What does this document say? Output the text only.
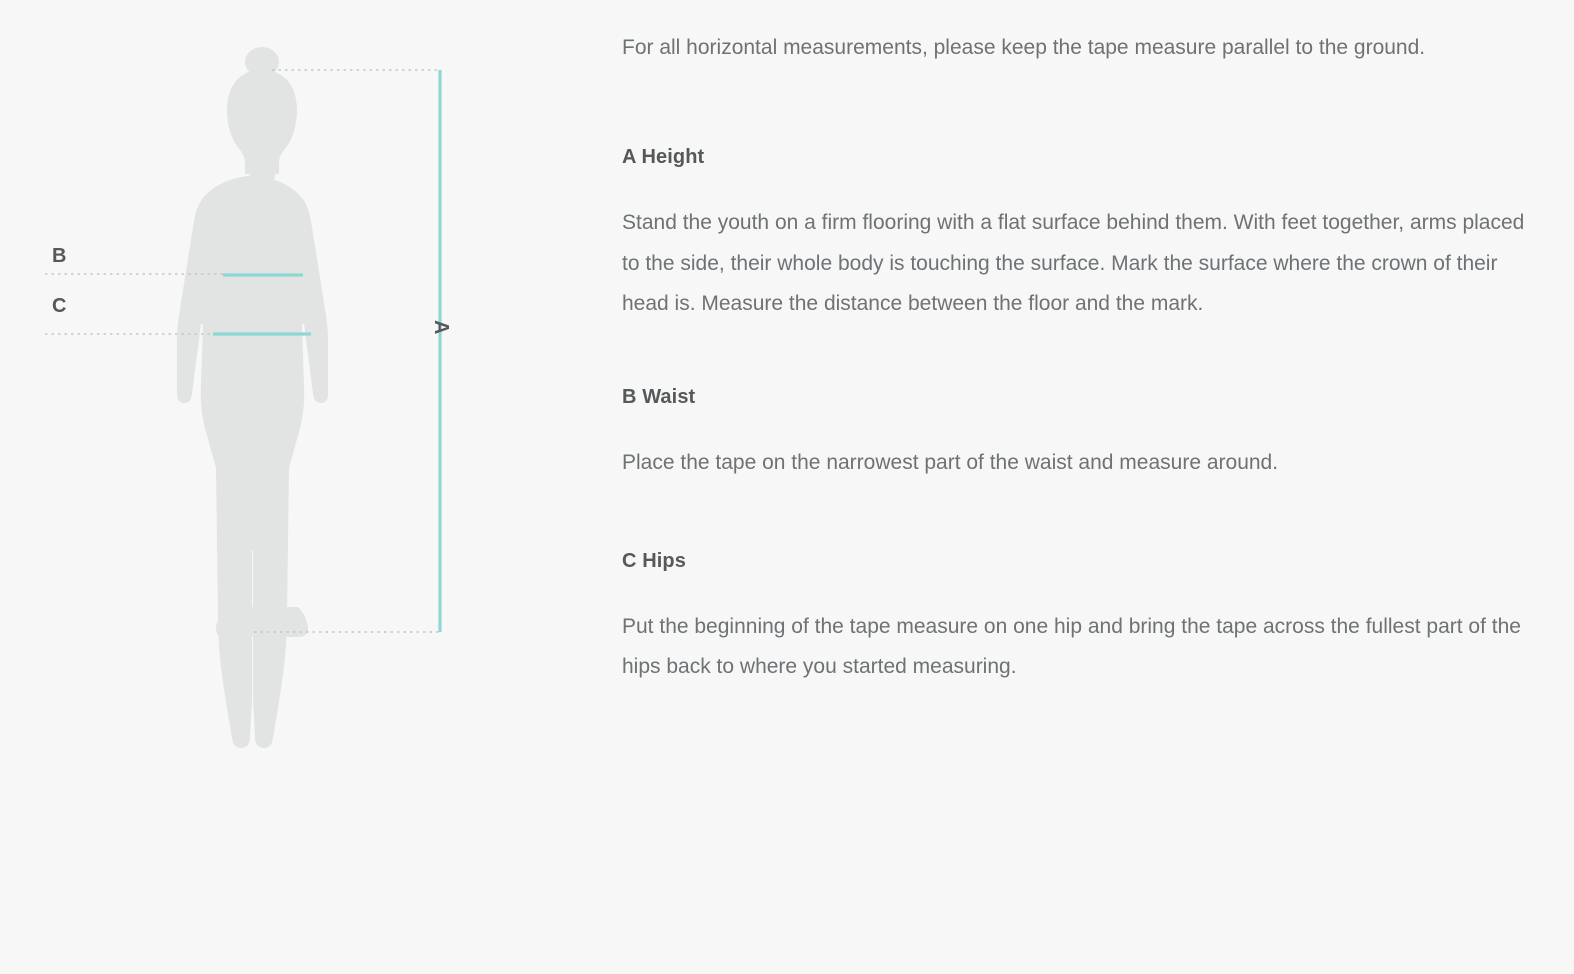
B
C
A

For all horizontal measurements, please keep the tape measure parallel to the ground.

A Height

Stand the youth on a firm flooring with a flat surface behind them. With feet together, arms placed to the side, their whole body is touching the surface. Mark the surface where the crown of their head is. Measure the distance between the floor and the mark.

B Waist

Place the tape on the narrowest part of the waist and measure around.

C Hips

Put the beginning of the tape measure on one hip and bring the tape across the fullest part of the hips back to where you started measuring.
